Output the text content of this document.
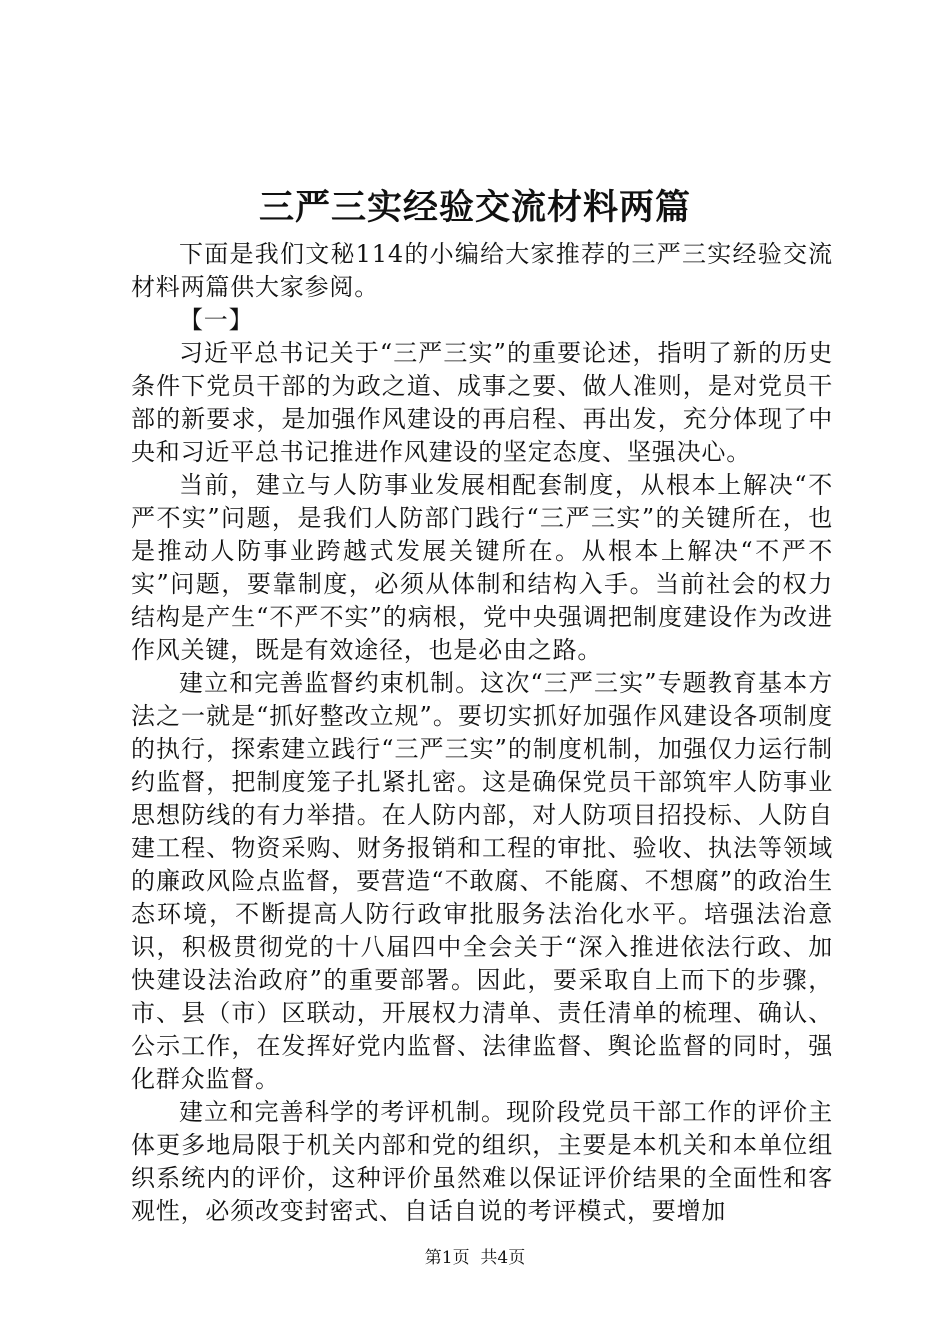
三严三实经验交流材料两篇

下面是我们文秘114的小编给大家推荐的三严三实经验交流材料两篇供大家参阅。

【一】

习近平总书记关于“三严三实”的重要论述，指明了新的历史条件下党员干部的为政之道、成事之要、做人准则，是对党员干部的新要求，是加强作风建设的再启程、再出发，充分体现了中央和习近平总书记推进作风建设的坚定态度、坚强决心。

当前，建立与人防事业发展相配套制度，从根本上解决“不严不实”问题，是我们人防部门践行“三严三实”的关键所在，也是推动人防事业跨越式发展关键所在。从根本上解决“不严不实”问题，要靠制度，必须从体制和结构入手。当前社会的权力结构是产生“不严不实”的病根，党中央强调把制度建设作为改进作风关键，既是有效途径，也是必由之路。

建立和完善监督约束机制。这次“三严三实”专题教育基本方法之一就是“抓好整改立规”。要切实抓好加强作风建设各项制度的执行，探索建立践行“三严三实”的制度机制，加强仅力运行制约监督，把制度笼子扎紧扎密。这是确保党员干部筑牢人防事业思想防线的有力举措。在人防内部，对人防项目招投标、人防自建工程、物资采购、财务报销和工程的审批、验收、执法等领域的廉政风险点监督，要营造“不敢腐、不能腐、不想腐”的政治生态环境，不断提高人防行政审批服务法治化水平。培强法治意识，积极贯彻党的十八届四中全会关于“深入推进依法行政、加快建设法治政府”的重要部署。因此，要采取自上而下的步骤，市、县（市）区联动，开展权力清单、责任清单的梳理、确认、公示工作，在发挥好党内监督、法律监督、舆论监督的同时，强化群众监督。

建立和完善科学的考评机制。现阶段党员干部工作的评价主体更多地局限于机关内部和党的组织，主要是本机关和本单位组织系统内的评价，这种评价虽然难以保证评价结果的全面性和客观性，必须改变封密式、自话自说的考评模式，要增加

第1页  共4页
